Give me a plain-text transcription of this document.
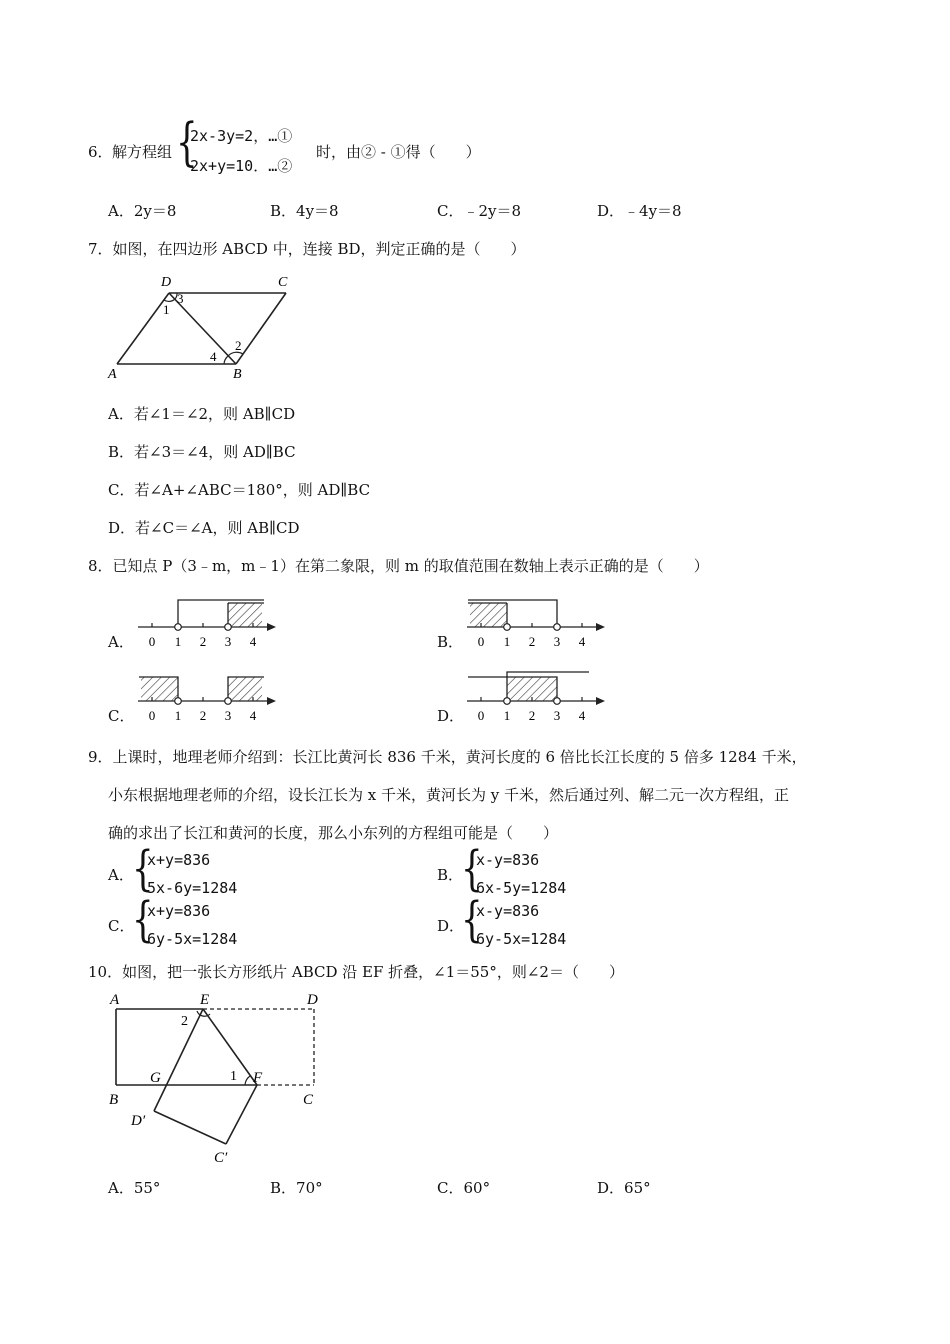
6． 解方程组 {
2x-3y=2，…①
2x+y=10．…②
时，由② - ①得（　　）
A．2y＝8	B．4y＝8	C．﹣2y＝8	D．﹣4y＝8
7．如图，在四边形 ABCD 中，连接 BD，判定正确的是（　　）
D	C
A	B
3
1
4
2
A．若∠1＝∠2，则 AB∥CD
B．若∠3＝∠4，则 AD∥BC
C．若∠A+∠ABC＝180°，则 AD∥BC
D．若∠C＝∠A，则 AB∥CD
8．已知点 P（3﹣m，m﹣1）在第二象限，则 m 的取值范围在数轴上表示正确的是（　　）
A． 0 1 2 3 4	B． 0 1 2 3 4
C． 0 1 2 3 4	D． 0 1 2 3 4
9．上课时，地理老师介绍到：长江比黄河长 836 千米，黄河长度的 6 倍比长江长度的 5 倍多 1284 千米，
小东根据地理老师的介绍，设长江长为 x 千米，黄河长为 y 千米，然后通过列、解二元一次方程组，正
确的求出了长江和黄河的长度，那么小东列的方程组可能是（　　）
A．
{
x+y=836
5x-6y=1284
B．
{
x-y=836
6x-5y=1284
C．
{
x+y=836
6y-5x=1284
D．
{
x-y=836
6y-5x=1284
10．如图，把一张长方形纸片 ABCD 沿 EF 折叠，∠1＝55°，则∠2＝（　　）
A	E	D
B
G	F
C
D′
C′
1
2
A．55°	B．70°	C．60°	D．65°
